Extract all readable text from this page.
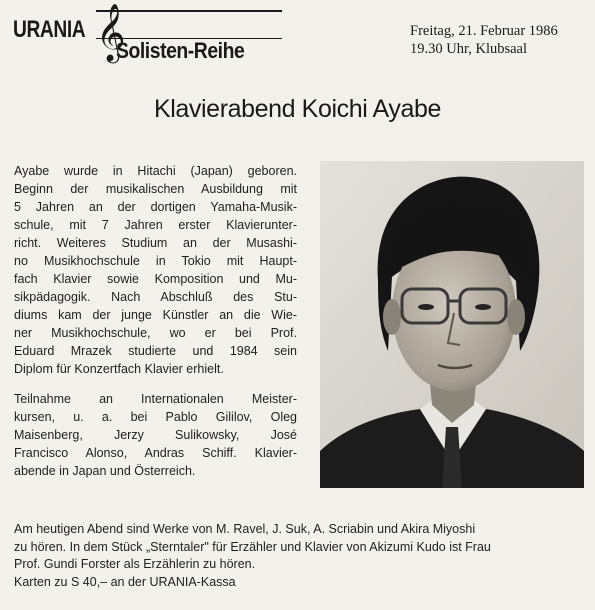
URANIA 𝄞
Solisten-Reihe
Freitag, 21. Februar 1986
19.30 Uhr, Klubsaal
Klavierabend Koichi Ayabe

Ayabe wurde in Hitachi (Japan) geboren.
Beginn der musikalischen Ausbildung mit
5 Jahren an der dortigen Yamaha-Musik-
schule, mit 7 Jahren erster Klavierunter-
richt. Weiteres Studium an der Musashi-
no Musikhochschule in Tokio mit Haupt-
fach Klavier sowie Komposition und Mu-
sikpädagogik. Nach Abschluß des Stu-
diums kam der junge Künstler an die Wie-
ner Musikhochschule, wo er bei Prof.
Eduard Mrazek studierte und 1984 sein
Diplom für Konzertfach Klavier erhielt.

Teilnahme an Internationalen Meister-
kursen, u. a. bei Pablo Gililov, Oleg
Maisenberg, Jerzy Sulikowsky, José
Francisco Alonso, Andras Schiff. Klavier-
abende in Japan und Österreich.

Am heutigen Abend sind Werke von M. Ravel, J. Suk, A. Scriabin und Akira Miyoshi
zu hören. In dem Stück „Sterntaler" für Erzähler und Klavier von Akizumi Kudo ist Frau
Prof. Gundi Forster als Erzählerin zu hören.
Karten zu S 40,– an der URANIA-Kassa
